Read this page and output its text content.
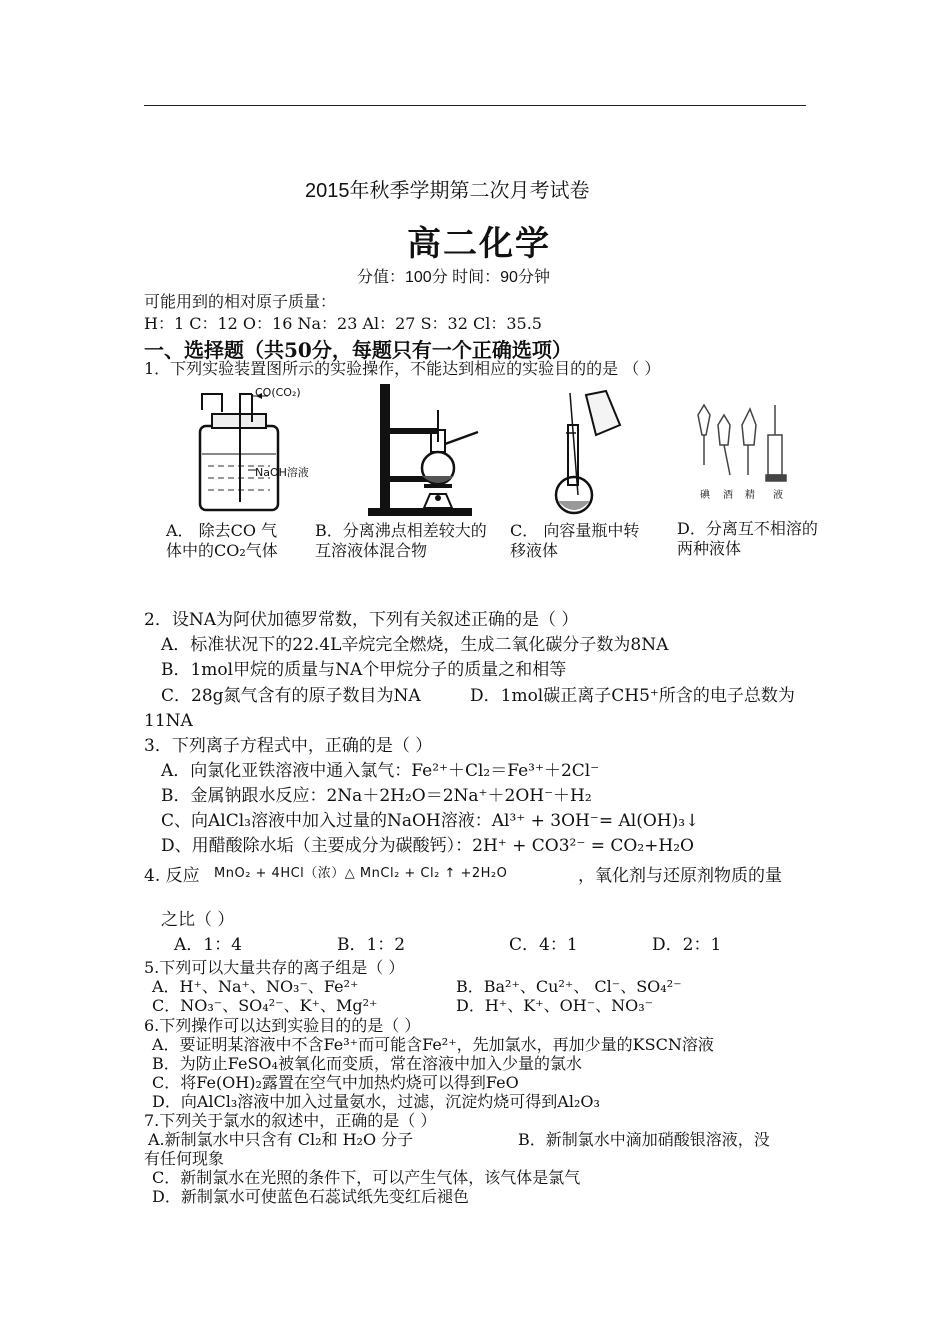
2015年秋季学期第二次月考试卷
高二化学
分值：100分 时间：90分钟
可能用到的相对原子质量：
H：1 C：12 O：16 Na：23 Al：27 S：32 Cl：35.5
一、选择题（共50分，每题只有一个正确选项）
1．下列实验装置图所示的实验操作，不能达到相应的实验目的的是 （ ）
CO(CO₂)
NaOH溶液
碘 酒 精 液
A． 除去CO 气体中的CO₂气体
B．分离沸点相差较大的互溶液体混合物
C． 向容量瓶中转移液体
D．分离互不相溶的两种液体
2．设NA为阿伏加德罗常数，下列有关叙述正确的是（ ）
A．标准状况下的22.4L辛烷完全燃烧，生成二氧化碳分子数为8NA
B．1mol甲烷的质量与NA个甲烷分子的质量之和相等
C．28g氮气含有的原子数目为NA	D．1mol碳正离子CH5⁺所含的电子总数为
11NA
3．下列离子方程式中，正确的是（ ）
A．向氯化亚铁溶液中通入氯气：Fe²⁺＋Cl₂＝Fe³⁺＋2Cl⁻
B．金属钠跟水反应：2Na＋2H₂O＝2Na⁺＋2OH⁻＋H₂
C、向AlCl₃溶液中加入过量的NaOH溶液：Al³⁺ + 3OH⁻= Al(OH)₃↓
D、用醋酸除水垢（主要成分为碳酸钙）：2H⁺ + CO3²⁻ = CO₂+H₂O
4. 反应 MnO₂ + 4HCl（浓）△ MnCl₂ + Cl₂ ↑ +2H₂O	，氧化剂与还原剂物质的量
之比（ ）
A．1：4	B．1：2	C．4：1	D．2：1
5.下列可以大量共存的离子组是（ ）
A．H⁺、Na⁺、NO₃⁻、Fe²⁺	B．Ba²⁺、Cu²⁺、 Cl⁻、SO₄²⁻
C．NO₃⁻、SO₄²⁻、K⁺、Mg²⁺	D．H⁺、K⁺、OH⁻、NO₃⁻
6.下列操作可以达到实验目的的是（ ）
A．要证明某溶液中不含Fe³⁺而可能含Fe²⁺，先加氯水，再加少量的KSCN溶液
B．为防止FeSO₄被氧化而变质，常在溶液中加入少量的氯水
C．将Fe(OH)₂露置在空气中加热灼烧可以得到FeO
D．向AlCl₃溶液中加入过量氨水，过滤，沉淀灼烧可得到Al₂O₃
7.下列关于氯水的叙述中，正确的是（ ）
A.新制氯水中只含有 Cl₂和 H₂O 分子	B．新制氯水中滴加硝酸银溶液，没
有任何现象
C．新制氯水在光照的条件下，可以产生气体，该气体是氯气
D．新制氯水可使蓝色石蕊试纸先变红后褪色
